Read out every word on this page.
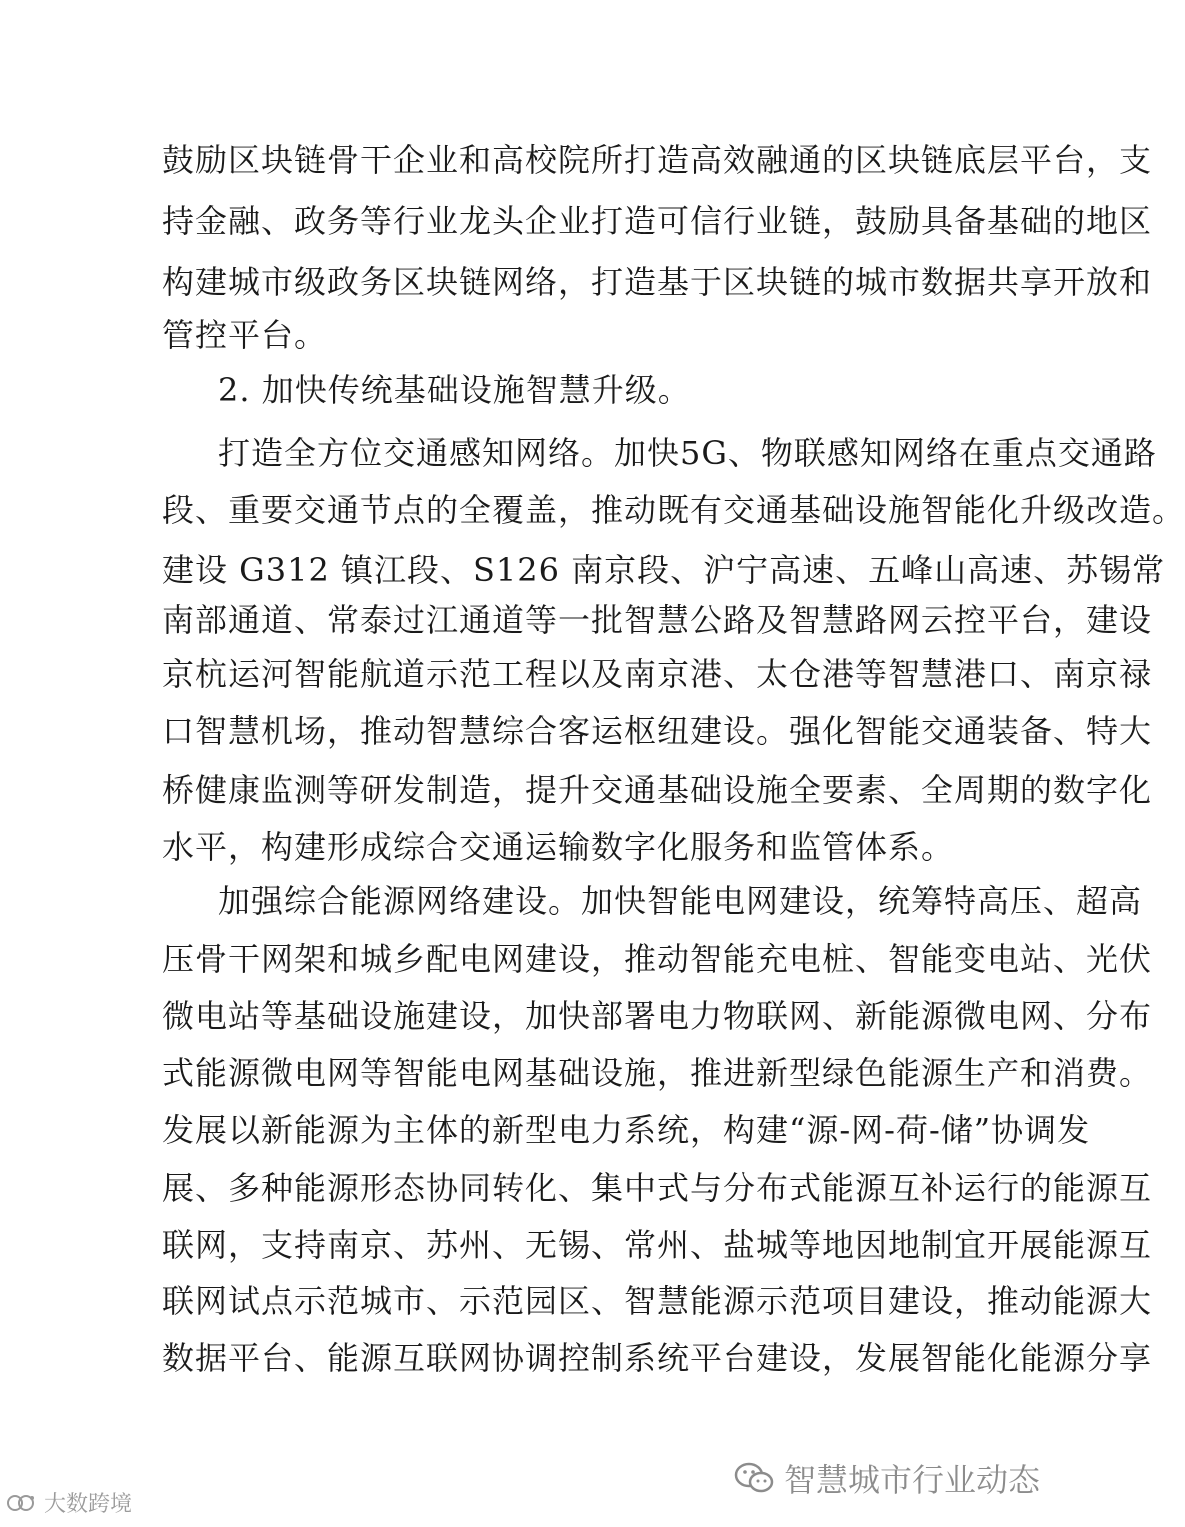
鼓励区块链骨干企业和高校院所打造高效融通的区块链底层平台，支
持金融、政务等行业龙头企业打造可信行业链，鼓励具备基础的地区
构建城市级政务区块链网络，打造基于区块链的城市数据共享开放和
管控平台。
2. 加快传统基础设施智慧升级。
打造全方位交通感知网络。加快5G、物联感知网络在重点交通路
段、重要交通节点的全覆盖，推动既有交通基础设施智能化升级改造。
建设 G312 镇江段、S126 南京段、沪宁高速、五峰山高速、苏锡常
南部通道、常泰过江通道等一批智慧公路及智慧路网云控平台，建设
京杭运河智能航道示范工程以及南京港、太仓港等智慧港口、南京禄
口智慧机场，推动智慧综合客运枢纽建设。强化智能交通装备、特大
桥健康监测等研发制造，提升交通基础设施全要素、全周期的数字化
水平，构建形成综合交通运输数字化服务和监管体系。
加强综合能源网络建设。加快智能电网建设，统筹特高压、超高
压骨干网架和城乡配电网建设，推动智能充电桩、智能变电站、光伏
微电站等基础设施建设，加快部署电力物联网、新能源微电网、分布
式能源微电网等智能电网基础设施，推进新型绿色能源生产和消费。
发展以新能源为主体的新型电力系统，构建“源-网-荷-储”协调发
展、多种能源形态协同转化、集中式与分布式能源互补运行的能源互
联网，支持南京、苏州、无锡、常州、盐城等地因地制宜开展能源互
联网试点示范城市、示范园区、智慧能源示范项目建设，推动能源大
数据平台、能源互联网协调控制系统平台建设，发展智能化能源分享
智慧城市行业动态
大数跨境
